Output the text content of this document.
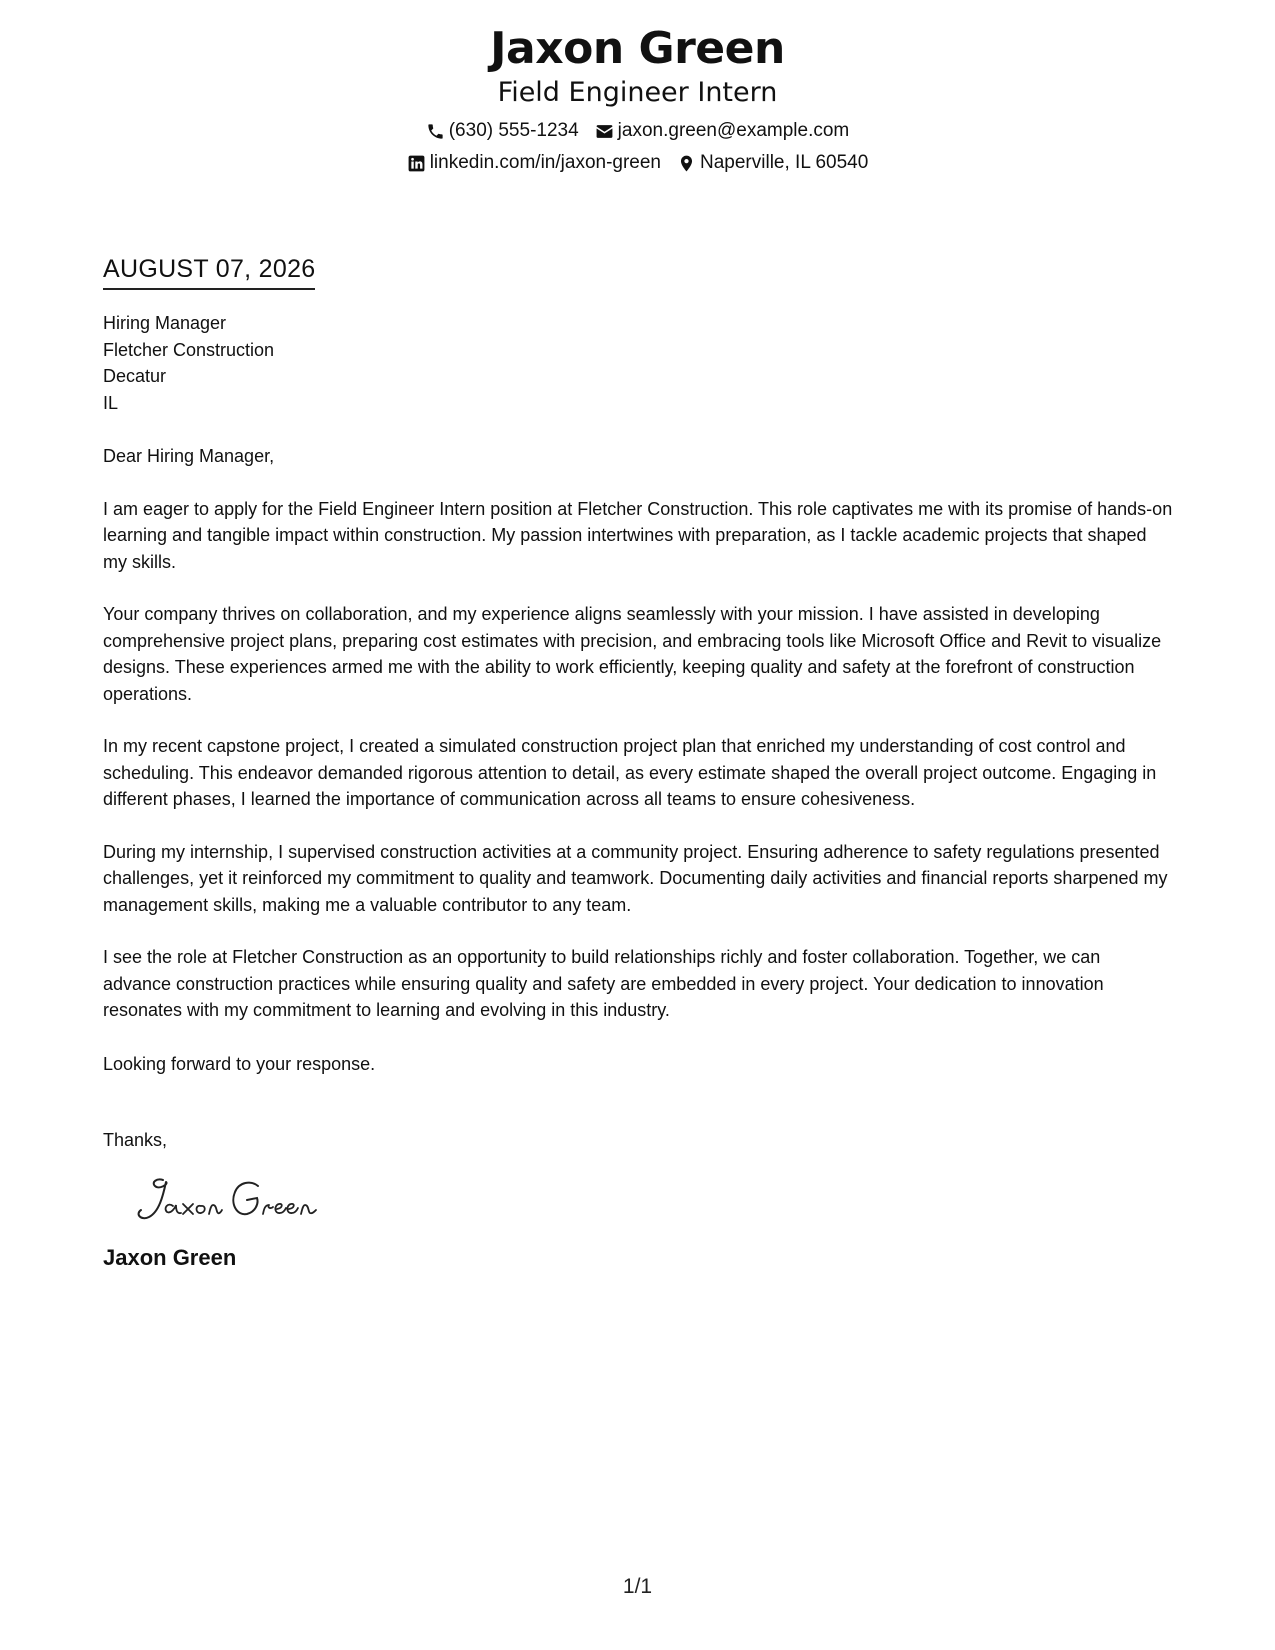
Jaxon Green
Field Engineer Intern
(630) 555-1234 jaxon.green@example.com
linkedin.com/in/jaxon-green Naperville, IL 60540
AUGUST 07, 2026
Hiring Manager
Fletcher Construction
Decatur
IL
Dear Hiring Manager,
I am eager to apply for the Field Engineer Intern position at Fletcher Construction. This role captivates me with its promise of hands-on learning and tangible impact within construction. My passion intertwines with preparation, as I tackle academic projects that shaped my skills.
Your company thrives on collaboration, and my experience aligns seamlessly with your mission. I have assisted in developing comprehensive project plans, preparing cost estimates with precision, and embracing tools like Microsoft Office and Revit to visualize designs. These experiences armed me with the ability to work efficiently, keeping quality and safety at the forefront of construction operations.
In my recent capstone project, I created a simulated construction project plan that enriched my understanding of cost control and scheduling. This endeavor demanded rigorous attention to detail, as every estimate shaped the overall project outcome. Engaging in different phases, I learned the importance of communication across all teams to ensure cohesiveness.
During my internship, I supervised construction activities at a community project. Ensuring adherence to safety regulations presented challenges, yet it reinforced my commitment to quality and teamwork. Documenting daily activities and financial reports sharpened my management skills, making me a valuable contributor to any team.
I see the role at Fletcher Construction as an opportunity to build relationships richly and foster collaboration. Together, we can advance construction practices while ensuring quality and safety are embedded in every project. Your dedication to innovation resonates with my commitment to learning and evolving in this industry.
Looking forward to your response.
Thanks,
Jaxon Green
1/1
